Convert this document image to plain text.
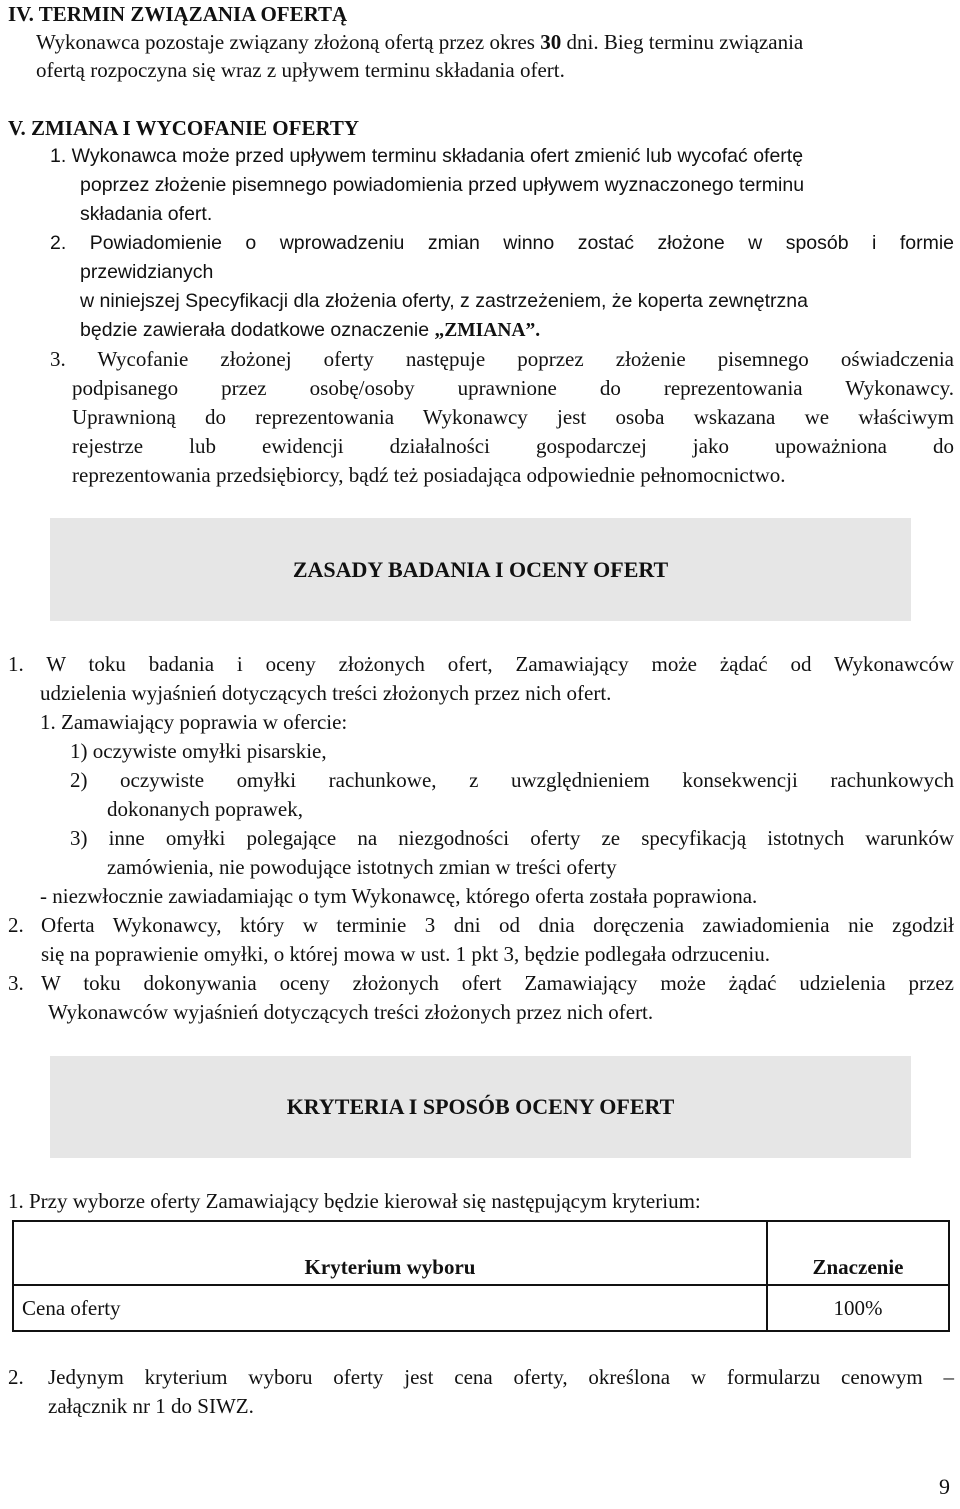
IV. TERMIN ZWIĄZANIA OFERTĄ
Wykonawca pozostaje związany złożoną ofertą przez okres 30 dni. Bieg terminu związania
ofertą rozpoczyna się wraz z upływem terminu składania ofert.
V. ZMIANA I WYCOFANIE OFERTY
1. Wykonawca może przed upływem terminu składania ofert zmienić lub wycofać ofertę
poprzez złożenie pisemnego powiadomienia przed upływem wyznaczonego terminu
składania ofert.
2. Powiadomienie o wprowadzeniu zmian winno zostać złożone w sposób i formie
przewidzianych
w niniejszej Specyfikacji dla złożenia oferty, z zastrzeżeniem, że koperta zewnętrzna
będzie zawierała dodatkowe oznaczenie „ZMIANA”.
3. Wycofanie złożonej oferty następuje poprzez złożenie pisemnego oświadczenia
podpisanego przez osobę/osoby uprawnione do reprezentowania Wykonawcy.
Uprawnioną do reprezentowania Wykonawcy jest osoba wskazana we właściwym
rejestrze lub ewidencji działalności gospodarczej jako upoważniona do
reprezentowania przedsiębiorcy, bądź też posiadająca odpowiednie pełnomocnictwo.
ZASADY BADANIA I OCENY OFERT
1. W toku badania i oceny złożonych ofert, Zamawiający może żądać od Wykonawców
udzielenia wyjaśnień dotyczących treści złożonych przez nich ofert.
1. Zamawiający poprawia w ofercie:
1) oczywiste omyłki pisarskie,
2) oczywiste omyłki rachunkowe, z uwzględnieniem konsekwencji rachunkowych
dokonanych poprawek,
3) inne omyłki polegające na niezgodności oferty ze specyfikacją istotnych warunków
zamówienia, nie powodujące istotnych zmian w treści oferty
- niezwłocznie zawiadamiając o tym Wykonawcę, którego oferta została poprawiona.
2. Oferta Wykonawcy, który w terminie 3 dni od dnia doręczenia zawiadomienia nie zgodził
się na poprawienie omyłki, o której mowa w ust. 1 pkt 3, będzie podlegała odrzuceniu.
3. W toku dokonywania oceny złożonych ofert Zamawiający może żądać udzielenia przez
Wykonawców wyjaśnień dotyczących treści złożonych przez nich ofert.
KRYTERIA I SPOSÓB OCENY OFERT
1. Przy wyborze oferty Zamawiający będzie kierował się następującym kryterium:
Kryterium wyboru	Znaczenie
Cena oferty	100%
2. Jedynym kryterium wyboru oferty jest cena oferty, określona w formularzu cenowym –
załącznik nr 1 do SIWZ.
9
